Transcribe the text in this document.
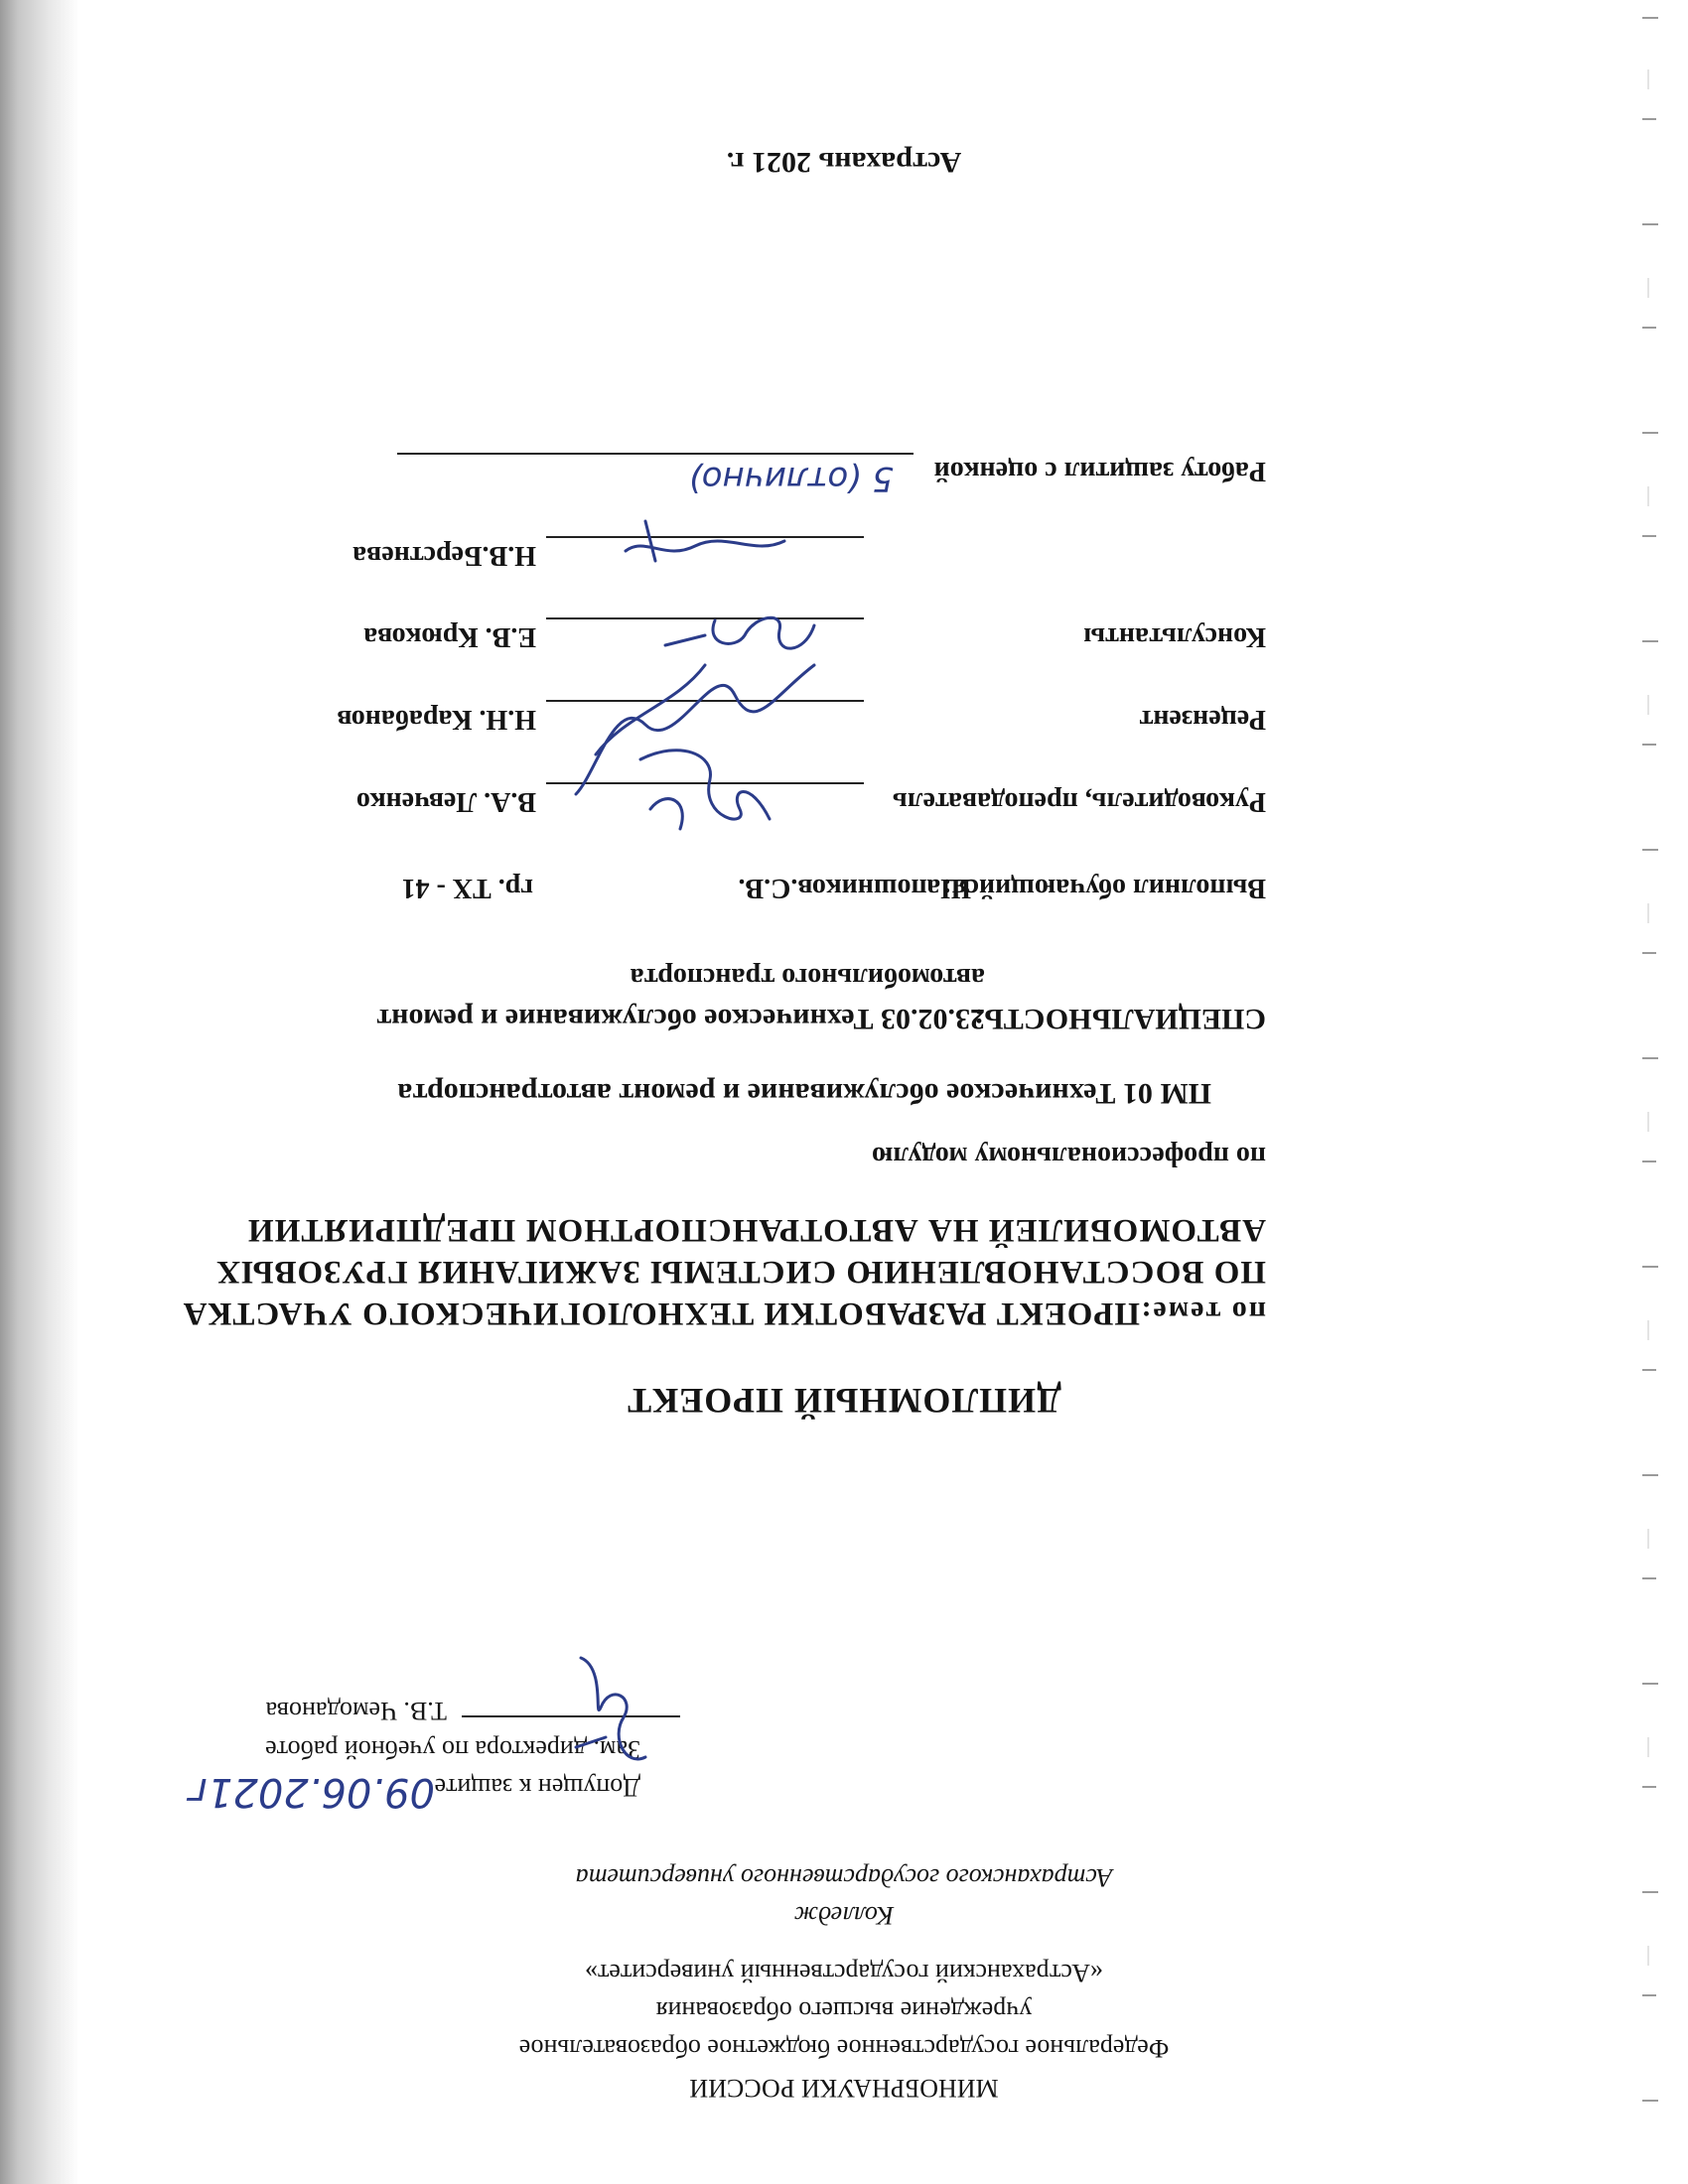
МИНОБРНАУКИ РОССИИ
Федеральное государственное бюджетное образовательное
учреждение высшего образования
«Астраханский государственный университет»
Колледж
Астраханского государственного университета
Допущен к защите
09.06.2021г
Зам. директора по учебной работе
Т.В. Чемоданова
ДИПЛОМНЫЙ ПРОЕКТ
по теме:
ПРОЕКТ РАЗРАБОТКИ ТЕХНОЛОГИЧЕСКОГО УЧАСТКА
ПО ВОССТАНОВЛЕНИЮ СИСТЕМЫ ЗАЖИГАНИЯ ГРУЗОВЫХ
АВТОМОБИЛЕЙ НА АВТОТРАНСПОРТНОМ ПРЕДПРИЯТИИ
по профессиональному модулю
ПМ 01 Техническое обслуживание и ремонт автотранспорта
СПЕЦИАЛЬНОСТЬ:
23.02.03 Техническое обслуживание и ремонт
автомобильного транспорта
Выполнил обучающийся:
Шапошников.С.В.
гр. ТХ - 41
Руководитель, преподаватель
В.А. Левченко
Рецензент
Н.Н. Карабанов
Консультанты
Е.В. Крюкова
Н.В.Берстнева
Работу защитил с оценкой
5 (отлично)
Астрахань 2021 г.
